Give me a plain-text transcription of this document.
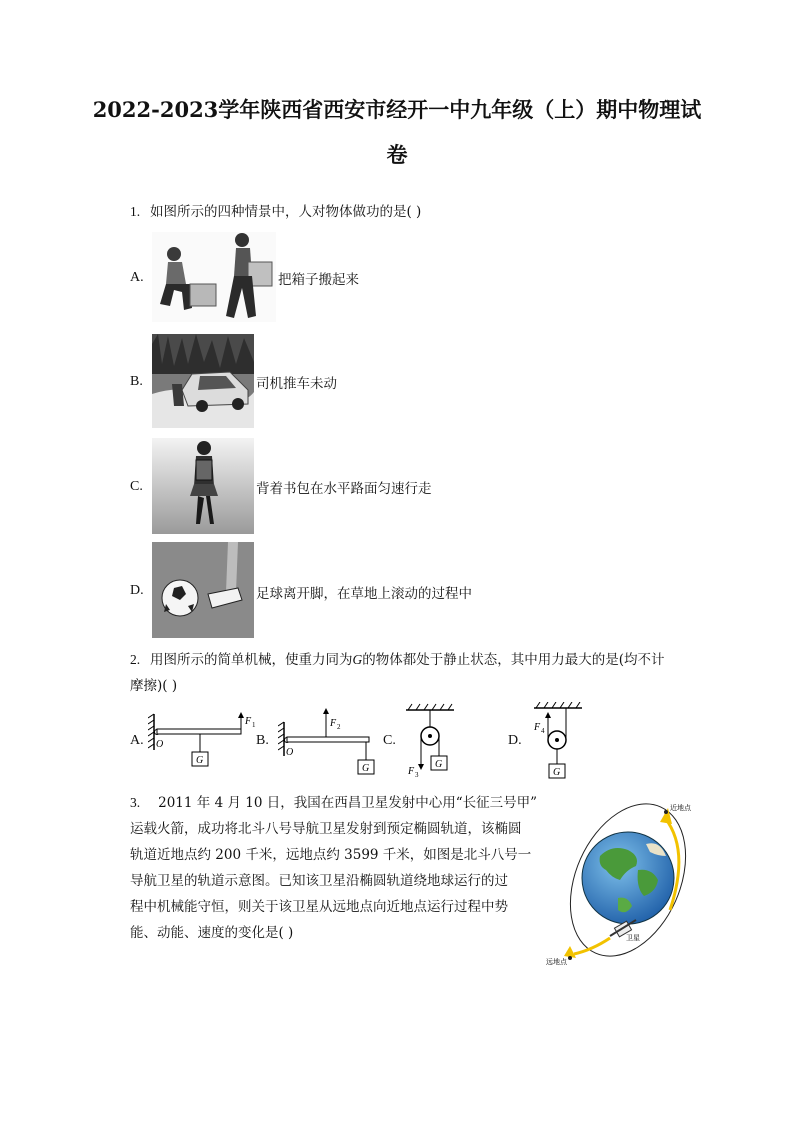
2022-2023学年陕西省西安市经开一中九年级（上）期中物理试
卷
1. 如图所示的四种情景中，人对物体做功的是( )
A.	把箱子搬起来
B.	司机推车未动
C.	背着书包在水平路面匀速行走
D.	足球离开脚，在草地上滚动的过程中
2. 用图所示的简单机械，使重力同为G的物体都处于静止状态，其中用力最大的是(均不计
摩擦)( )
A.	B.	C.	D.
F 1
O
G
F 2
O
G	F 3
G
F 4
G
3. 2011 年 4 月 10 日，我国在西昌卫星发射中心用“长征三号甲”
运载火箭，成功将北斗八号导航卫星发射到预定椭圆轨道，该椭圆
轨道近地点约 200 千米，远地点约 3599 千米，如图是北斗八号一
导航卫星的轨道示意图。已知该卫星沿椭圆轨道绕地球运行的过
程中机械能守恒，则关于该卫星从远地点向近地点运行过程中势
能、动能、速度的变化是( )	卫星
近地点
远地点
